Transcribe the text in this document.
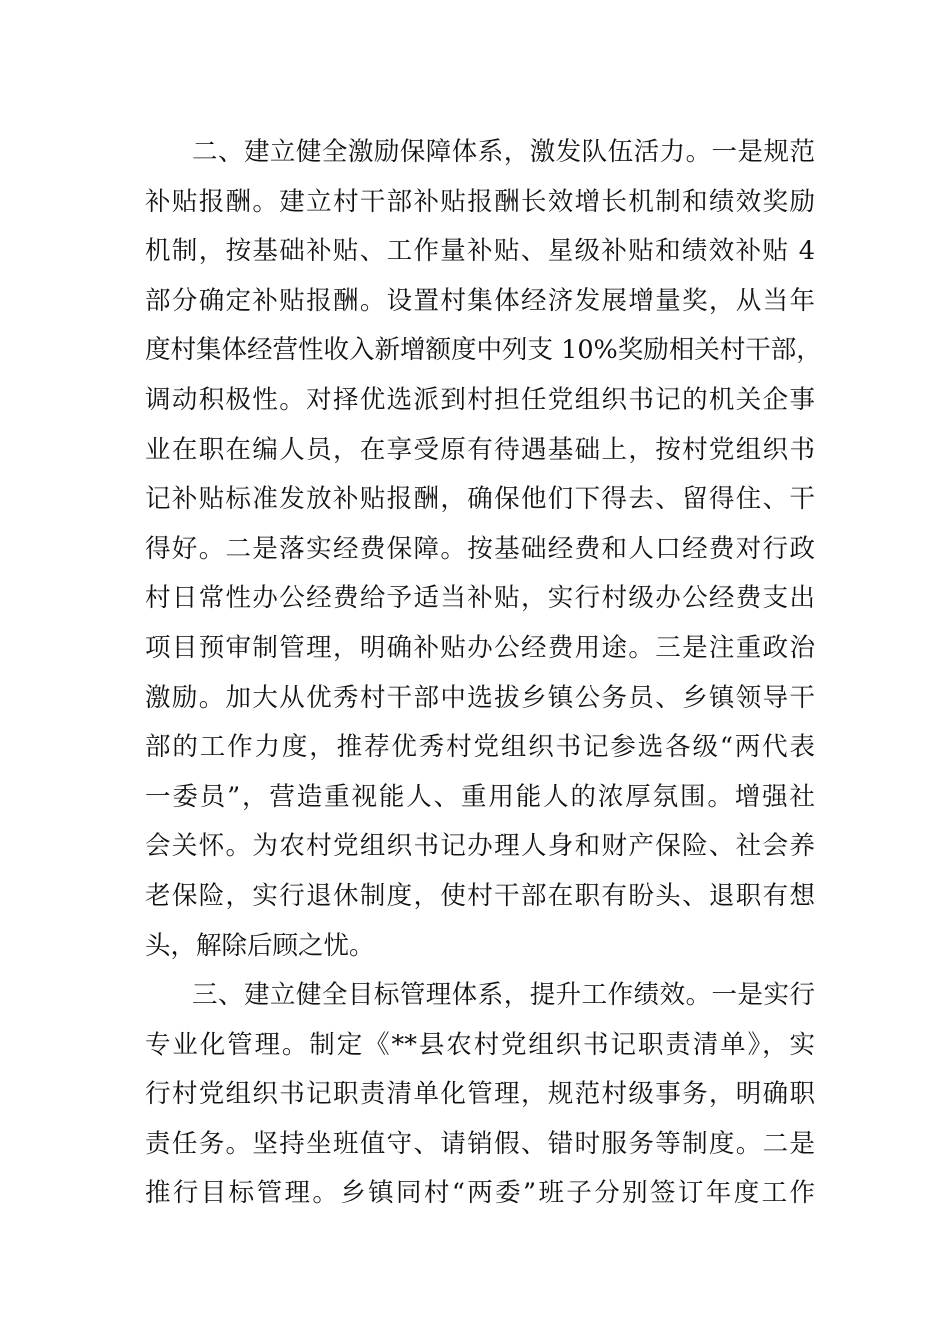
二、建立健全激励保障体系，激发队伍活力。一是规范
补贴报酬。建立村干部补贴报酬长效增长机制和绩效奖励
机制，按基础补贴、工作量补贴、星级补贴和绩效补贴 4
部分确定补贴报酬。设置村集体经济发展增量奖，从当年
度村集体经营性收入新增额度中列支 10%奖励相关村干部，
调动积极性。对择优选派到村担任党组织书记的机关企事
业在职在编人员，在享受原有待遇基础上，按村党组织书
记补贴标准发放补贴报酬，确保他们下得去、留得住、干
得好。二是落实经费保障。按基础经费和人口经费对行政
村日常性办公经费给予适当补贴，实行村级办公经费支出
项目预审制管理，明确补贴办公经费用途。三是注重政治
激励。加大从优秀村干部中选拔乡镇公务员、乡镇领导干
部的工作力度，推荐优秀村党组织书记参选各级“两代表
一委员”，营造重视能人、重用能人的浓厚氛围。增强社
会关怀。为农村党组织书记办理人身和财产保险、社会养
老保险，实行退休制度，使村干部在职有盼头、退职有想
头，解除后顾之忧。
三、建立健全目标管理体系，提升工作绩效。一是实行
专业化管理。制定《**县农村党组织书记职责清单》，实
行村党组织书记职责清单化管理，规范村级事务，明确职
责任务。坚持坐班值守、请销假、错时服务等制度。二是
推行目标管理。乡镇同村“两委”班子分别签订年度工作
